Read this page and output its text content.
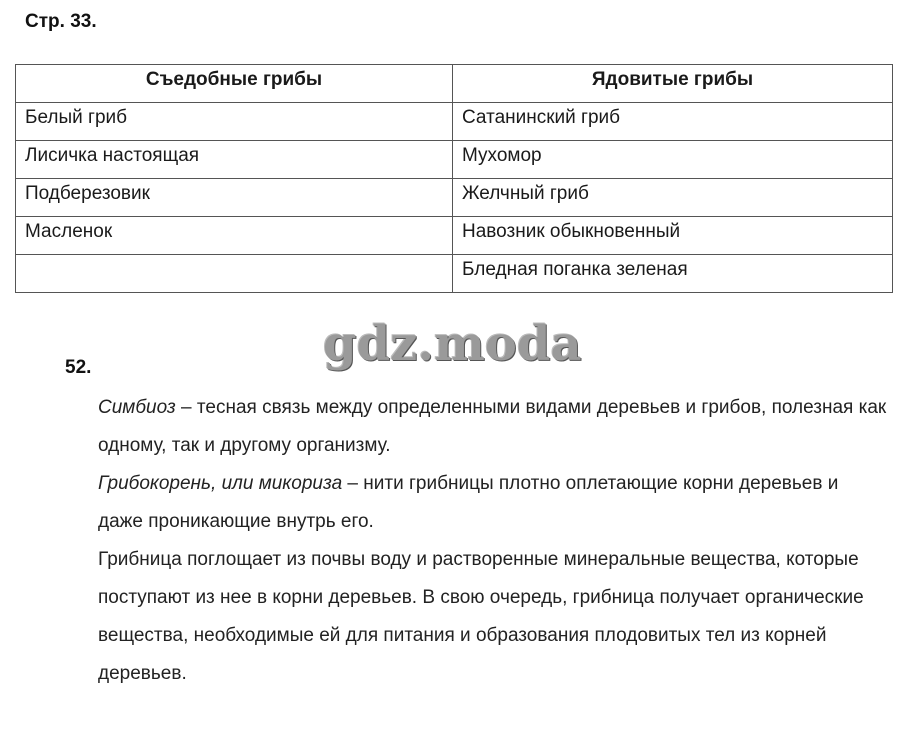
Стр. 33.
Съедобные грибы	Ядовитые грибы
Белый гриб	Сатанинский гриб
Лисичка настоящая	Мухомор
Подберезовик	Желчный гриб
Масленок	Навозник обыкновенный
	Бледная поганка зеленая
gdz.moda
52.

Симбиоз – тесная связь между определенными видами деревьев и грибов, полезная как одному, так и другому организму.

Грибокорень, или микориза – нити грибницы плотно оплетающие корни деревьев и даже проникающие внутрь его.

Грибница поглощает из почвы воду и растворенные минеральные вещества, которые поступают из нее в корни деревьев. В свою очередь, грибница получает органические вещества, необходимые ей для питания и образования плодовитых тел из корней деревьев.
